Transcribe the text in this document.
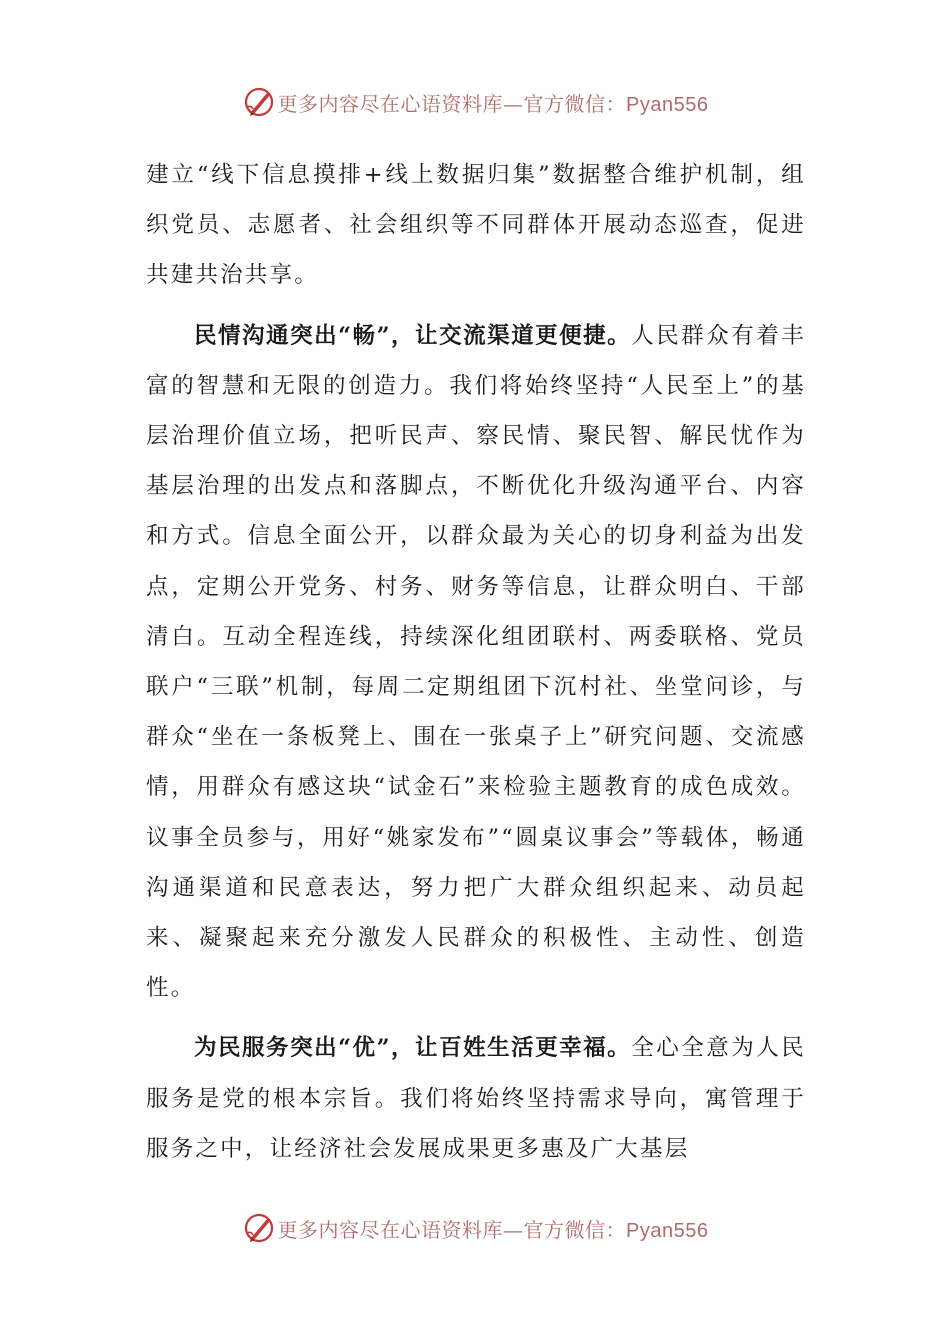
更多内容尽在心语资料库—官方微信：Pyan556

建立“线下信息摸排+线上数据归集”数据整合维护机制，组织党员、志愿者、社会组织等不同群体开展动态巡查，促进共建共治共享。

民情沟通突出“畅”，让交流渠道更便捷。人民群众有着丰富的智慧和无限的创造力。我们将始终坚持“人民至上”的基层治理价值立场，把听民声、察民情、聚民智、解民忧作为基层治理的出发点和落脚点，不断优化升级沟通平台、内容和方式。信息全面公开，以群众最为关心的切身利益为出发点，定期公开党务、村务、财务等信息，让群众明白、干部清白。互动全程连线，持续深化组团联村、两委联格、党员联户“三联”机制，每周二定期组团下沉村社、坐堂问诊，与群众“坐在一条板凳上、围在一张桌子上”研究问题、交流感情，用群众有感这块“试金石”来检验主题教育的成色成效。议事全员参与，用好“姚家发布”“圆桌议事会”等载体，畅通沟通渠道和民意表达，努力把广大群众组织起来、动员起来、凝聚起来充分激发人民群众的积极性、主动性、创造性。

为民服务突出“优”，让百姓生活更幸福。全心全意为人民服务是党的根本宗旨。我们将始终坚持需求导向，寓管理于服务之中，让经济社会发展成果更多惠及广大基层

更多内容尽在心语资料库—官方微信：Pyan556
